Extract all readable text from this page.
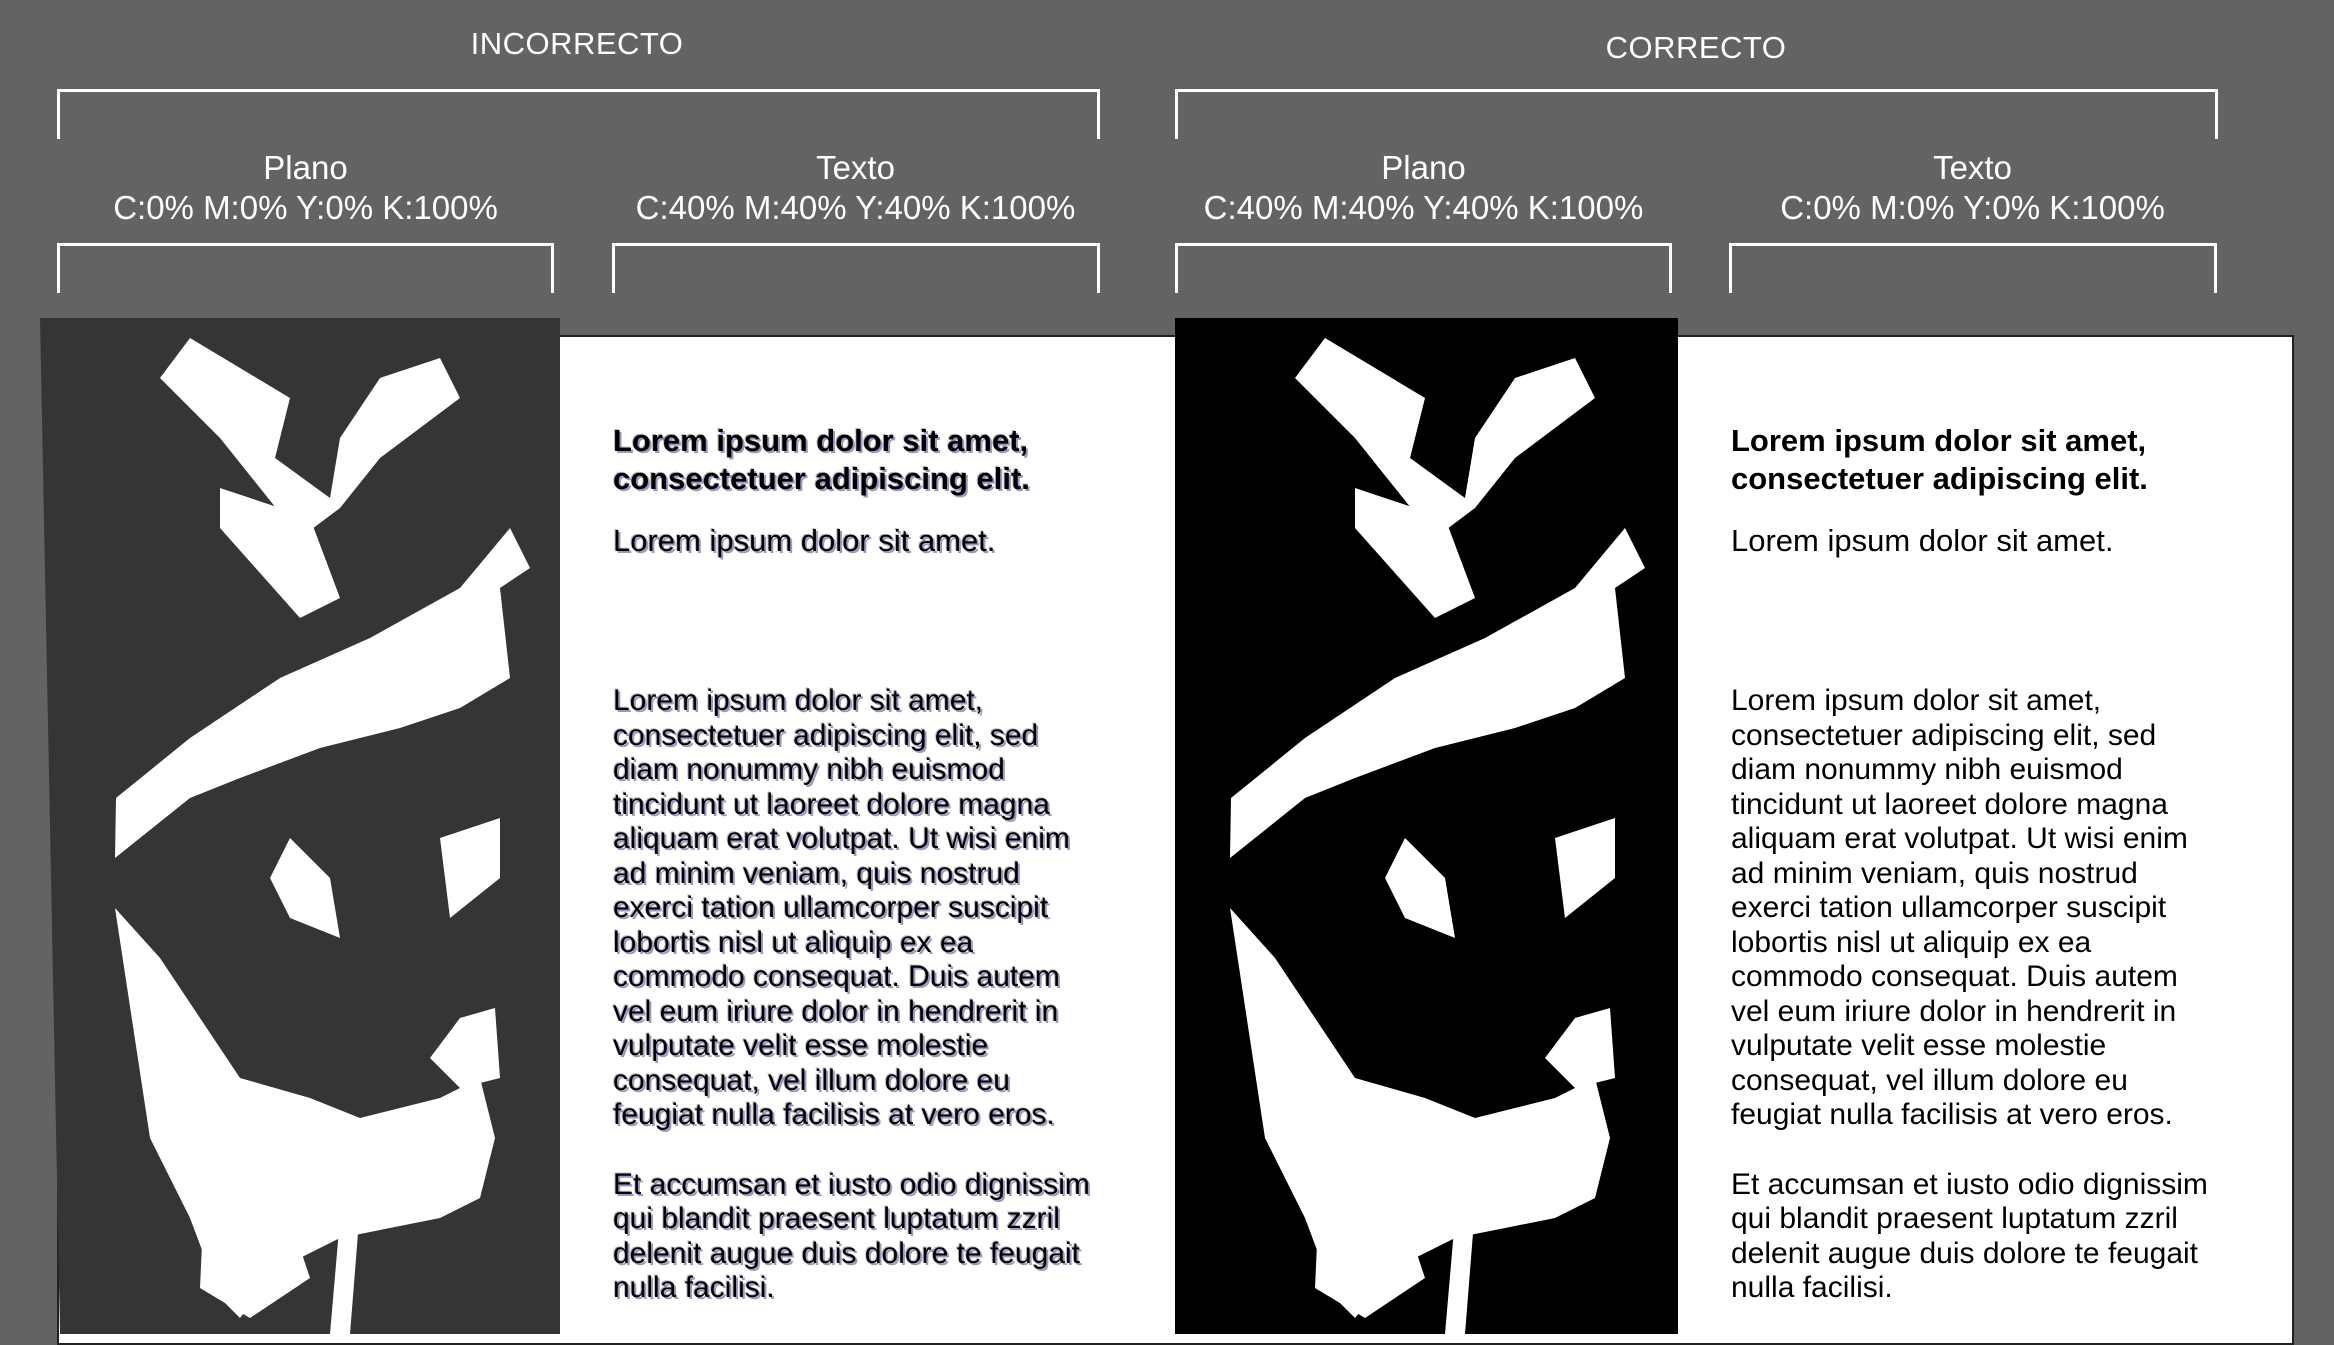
INCORRECTO	CORRECTO
Plano
C:0% M:0% Y:0% K:100%
Texto
C:40% M:40% Y:40% K:100%
Plano
C:40% M:40% Y:40% K:100%
Texto
C:0% M:0% Y:0% K:100%

Lorem ipsum dolor sit amet, consectetuer adipiscing elit.

Lorem ipsum dolor sit amet.

Lorem ipsum dolor sit amet, consectetuer adipiscing elit, sed diam nonummy nibh euismod tincidunt ut laoreet dolore magna aliquam erat volutpat. Ut wisi enim ad minim veniam, quis nostrud exerci tation ullamcorper suscipit lobortis nisl ut aliquip ex ea commodo consequat. Duis autem vel eum iriure dolor in hendrerit in vulputate velit esse molestie consequat, vel illum dolore eu feugiat nulla facilisis at vero eros.

Et accumsan et iusto odio dignissim qui blandit praesent luptatum zzril delenit augue duis dolore te feugait nulla facilisi.

Lorem ipsum dolor sit amet, consectetuer adipiscing elit.

Lorem ipsum dolor sit amet.

Lorem ipsum dolor sit amet, consectetuer adipiscing elit, sed diam nonummy nibh euismod tincidunt ut laoreet dolore magna aliquam erat volutpat. Ut wisi enim ad minim veniam, quis nostrud exerci tation ullamcorper suscipit lobortis nisl ut aliquip ex ea commodo consequat. Duis autem vel eum iriure dolor in hendrerit in vulputate velit esse molestie consequat, vel illum dolore eu feugiat nulla facilisis at vero eros.

Et accumsan et iusto odio dignissim qui blandit praesent luptatum zzril delenit augue duis dolore te feugait nulla facilisi.
